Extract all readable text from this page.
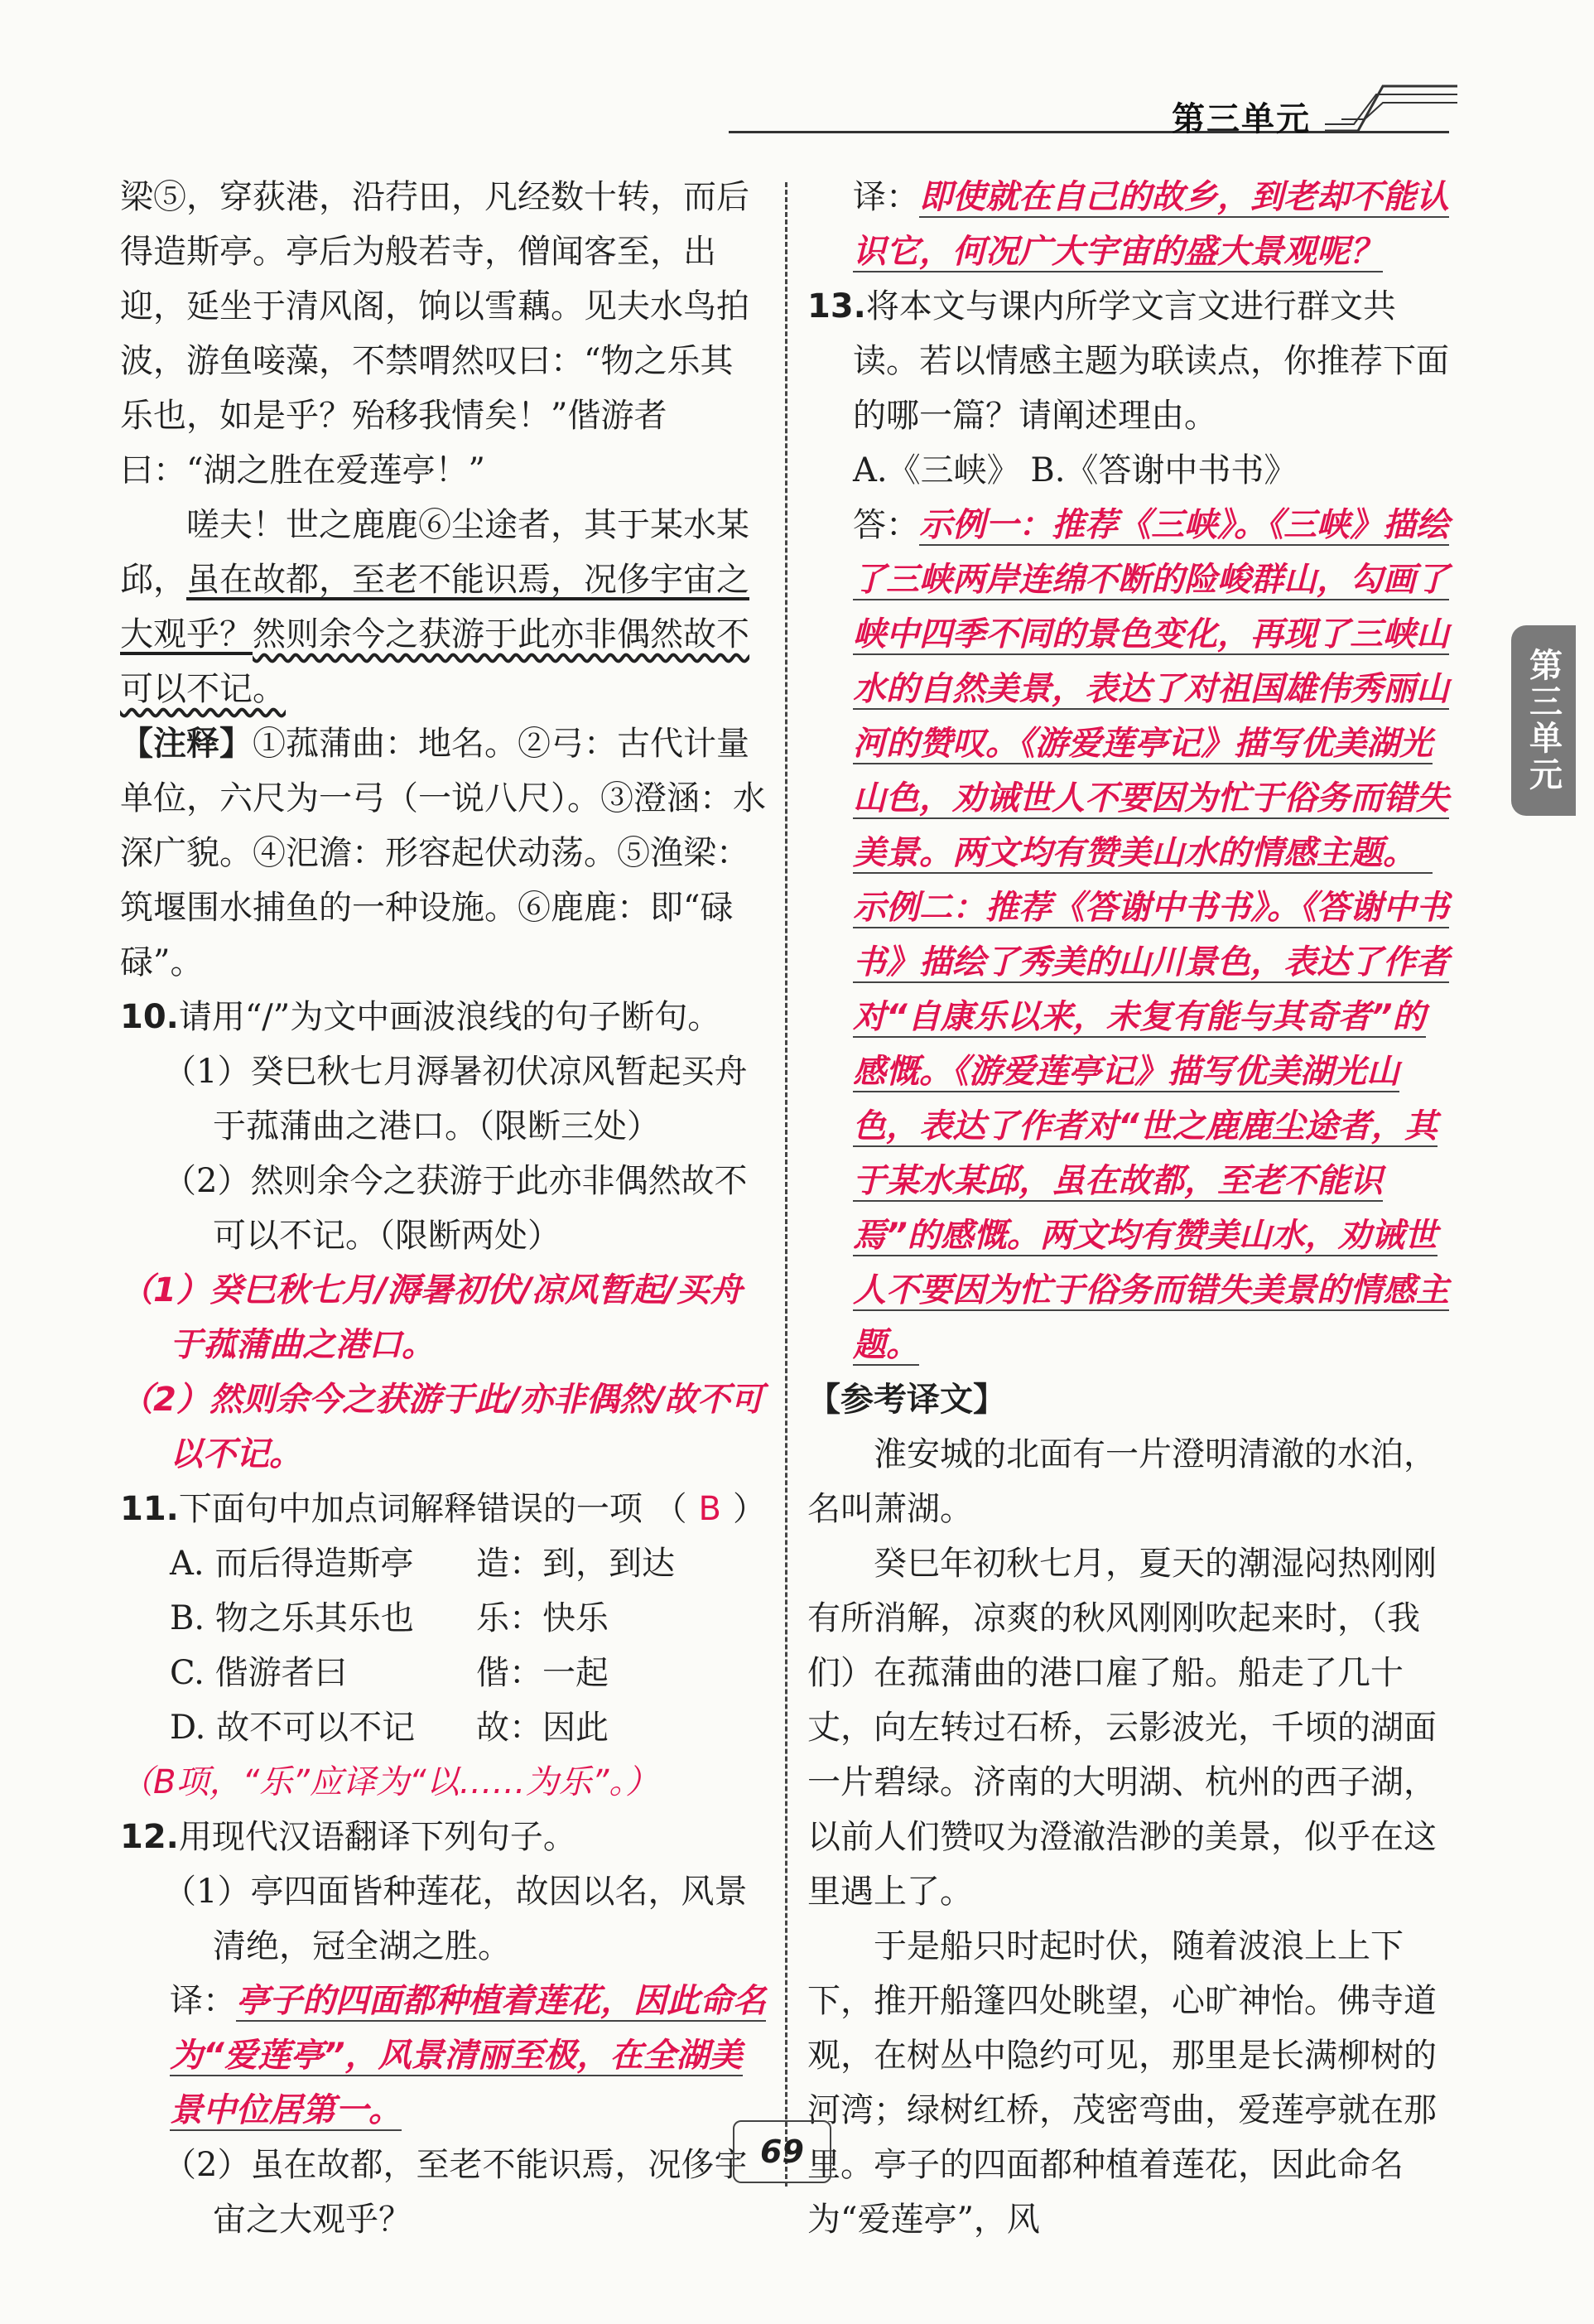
第三单元
第三单元

梁⑤，穿荻港，沿荇田，凡经数十转，而后得造斯亭。亭后为般若寺，僧闻客至，出迎，延坐于清风阁，饷以雪藕。见夫水鸟拍波，游鱼唼藻，不禁喟然叹曰：“物之乐其乐也，如是乎？殆移我情矣！”偕游者曰：“湖之胜在爱莲亭！”

嗟夫！世之鹿鹿⑥尘途者，其于某水某邱，虽在故都，至老不能识焉，况侈宇宙之大观乎？然则余今之获游于此亦非偶然故不可以不记。

【注释】①菰蒲曲：地名。②弓：古代计量单位，六尺为一弓（一说八尺）。③澄涵：水深广貌。④汜澹：形容起伏动荡。⑤渔梁：筑堰围水捕鱼的一种设施。⑥鹿鹿：即“碌碌”。

10.请用“/”为文中画波浪线的句子断句。

（1）癸巳秋七月溽暑初伏凉风暂起买舟于菰蒲曲之港口。（限断三处）

（2）然则余今之获游于此亦非偶然故不可以不记。（限断两处）

（1）癸巳秋七月/溽暑初伏/凉风暂起/买舟于菰蒲曲之港口。

（2）然则余今之获游于此/亦非偶然/故不可以不记。

11.下面句中加点词解释错误的一项 （ B ）

A. 而后得造斯亭	造：到，到达
B. 物之乐其乐也	乐：快乐
C. 偕游者曰	偕：一起
D. 故不可以不记	故：因此

（B项，“乐”应译为“以……为乐”。）

12.用现代汉语翻译下列句子。

（1）亭四面皆种莲花，故因以名，风景清绝，冠全湖之胜。

译：亭子的四面都种植着莲花，因此命名为“爱莲亭”，风景清丽至极，在全湖美景中位居第一。

（2）虽在故都，至老不能识焉，况侈宇宙之大观乎？

译：即使就在自己的故乡，到老却不能认识它，何况广大宇宙的盛大景观呢？

13.将本文与课内所学文言文进行群文共读。若以情感主题为联读点，你推荐下面的哪一篇？请阐述理由。

A.《三峡》 B.《答谢中书书》

答：示例一：推荐《三峡》。《三峡》描绘了三峡两岸连绵不断的险峻群山，勾画了峡中四季不同的景色变化，再现了三峡山水的自然美景，表达了对祖国雄伟秀丽山河的赞叹。《游爱莲亭记》描写优美湖光山色，劝诫世人不要因为忙于俗务而错失美景。两文均有赞美山水的情感主题。　示例二：推荐《答谢中书书》。《答谢中书书》描绘了秀美的山川景色，表达了作者对“自康乐以来，未复有能与其奇者”的感慨。《游爱莲亭记》描写优美湖光山色，表达了作者对“世之鹿鹿尘途者，其于某水某邱，虽在故都，至老不能识焉”的感慨。两文均有赞美山水，劝诫世人不要因为忙于俗务而错失美景的情感主题。

【参考译文】

淮安城的北面有一片澄明清澈的水泊，名叫萧湖。

癸巳年初秋七月，夏天的潮湿闷热刚刚有所消解，凉爽的秋风刚刚吹起来时，（我们）在菰蒲曲的港口雇了船。船走了几十丈，向左转过石桥，云影波光，千顷的湖面一片碧绿。济南的大明湖、杭州的西子湖，以前人们赞叹为澄澈浩渺的美景，似乎在这里遇上了。

于是船只时起时伏，随着波浪上上下下，推开船篷四处眺望，心旷神怡。佛寺道观，在树丛中隐约可见，那里是长满柳树的河湾；绿树红桥，茂密弯曲，爱莲亭就在那里。亭子的四面都种植着莲花，因此命名为“爱莲亭”，风

69
